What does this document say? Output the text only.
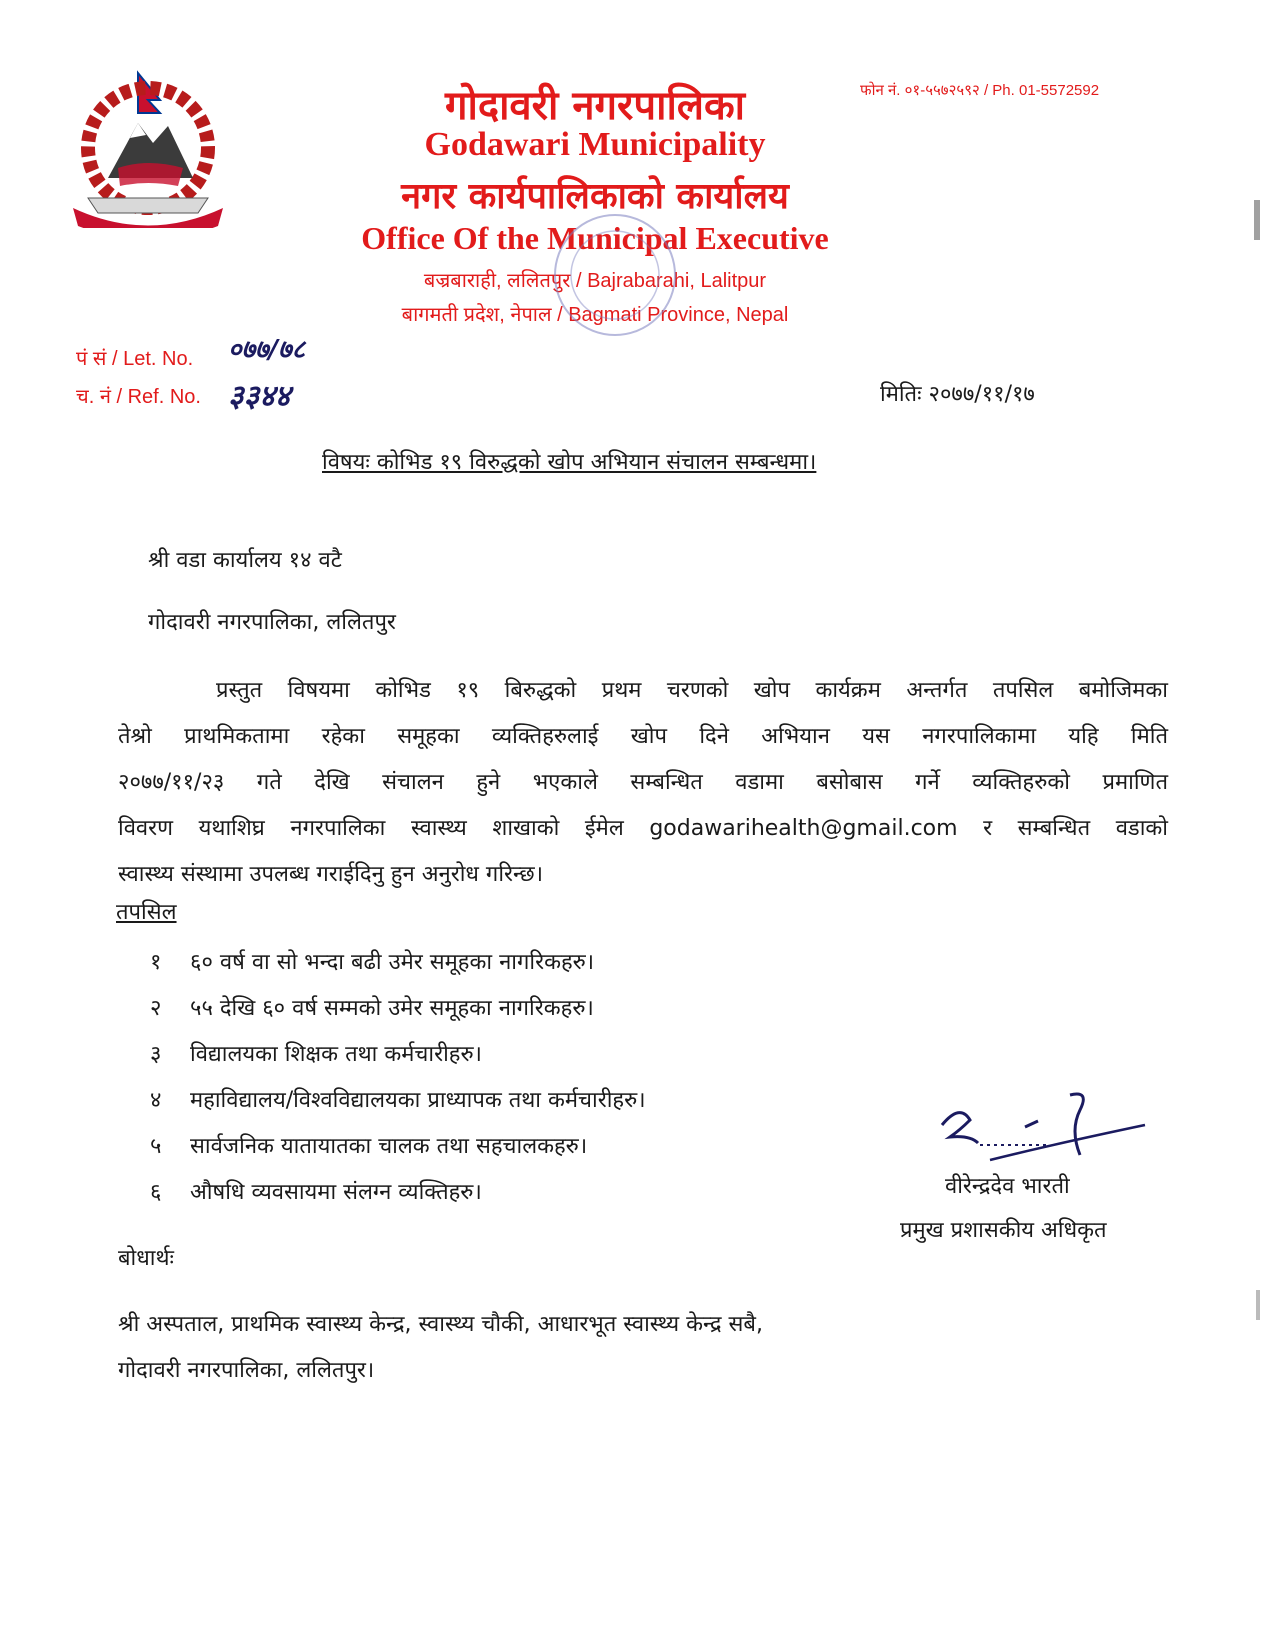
फोन नं. ०१-५५७२५९२ / Ph. 01-5572592
गोदावरी नगरपालिका
Godawari Municipality
नगर कार्यपालिकाको कार्यालय
Office Of the Municipal Executive
बज्रबाराही, ललितपुर / Bajrabarahi, Lalitpur
बागमती प्रदेश, नेपाल / Bagmati Province, Nepal
पं सं / Let. No. ०७७/७८
च. नं / Ref. No. ३३४४	मितिः २०७७/११/१७
विषयः कोभिड १९ विरुद्धको खोप अभियान संचालन सम्बन्धमा।
श्री वडा कार्यालय १४ वटै
गोदावरी नगरपालिका, ललितपुर
प्रस्तुत विषयमा कोभिड १९ बिरुद्धको प्रथम चरणको खोप कार्यक्रम अन्तर्गत तपसिल बमोजिमका
तेश्रो प्राथमिकतामा रहेका समूहका व्यक्तिहरुलाई खोप दिने अभियान यस नगरपालिकामा यहि मिति
२०७७/११/२३ गते देखि संचालन हुने भएकाले सम्बन्धित वडामा बसोबास गर्ने व्यक्तिहरुको प्रमाणित
विवरण यथाशिघ्र नगरपालिका स्वास्थ्य शाखाको ईमेल godawarihealth@gmail.com र सम्बन्धित वडाको
स्वास्थ्य संस्थामा उपलब्ध गराईदिनु हुन अनुरोध गरिन्छ।
तपसिल
१ ६० वर्ष वा सो भन्दा बढी उमेर समूहका नागरिकहरु।
२ ५५ देखि ६० वर्ष सम्मको उमेर समूहका नागरिकहरु।
३ विद्यालयका शिक्षक तथा कर्मचारीहरु।
४ महाविद्यालय/विश्वविद्यालयका प्राध्यापक तथा कर्मचारीहरु।
५ सार्वजनिक यातायातका चालक तथा सहचालकहरु।
६ औषधि व्यवसायमा संलग्न व्यक्तिहरु।	वीरेन्द्रदेव भारती
प्रमुख प्रशासकीय अधिकृत
बोधार्थः
श्री अस्पताल, प्राथमिक स्वास्थ्य केन्द्र, स्वास्थ्य चौकी, आधारभूत स्वास्थ्य केन्द्र सबै,
गोदावरी नगरपालिका, ललितपुर।
